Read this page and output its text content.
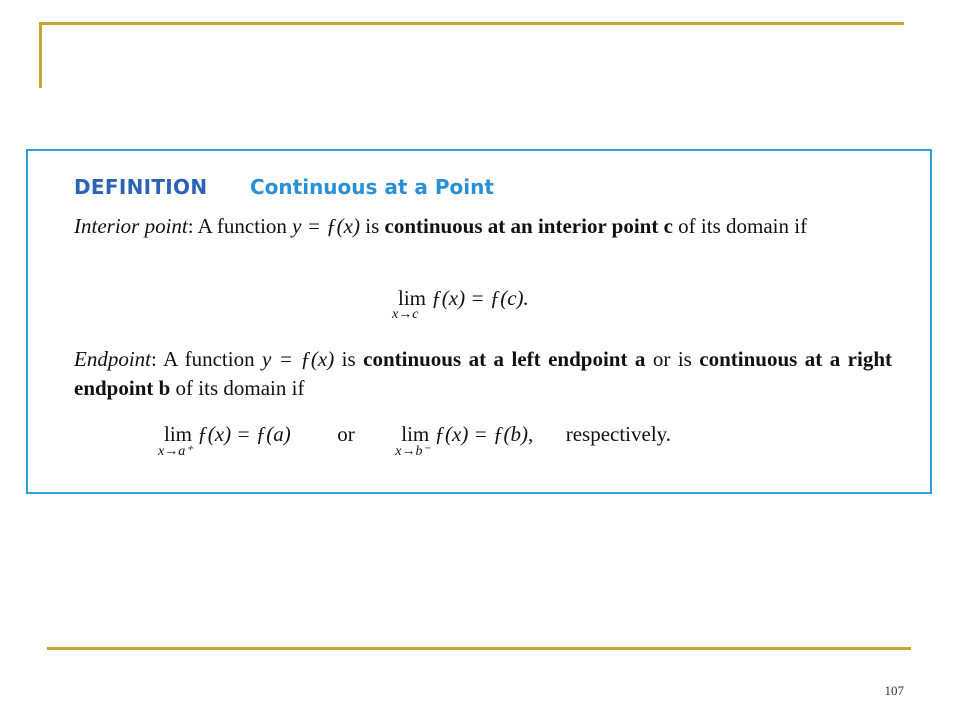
DEFINITION Continuous at a Point
Interior point: A function y = ƒ(x) is continuous at an interior point c of its domain if
lim
x→c
ƒ(x) = ƒ(c).
Endpoint: A function y = ƒ(x) is continuous at a left endpoint a or is continuous at a right endpoint b of its domain if
lim
x→a⁺
ƒ(x) = ƒ(a) or lim
x→b⁻
ƒ(x) = ƒ(b), respectively.
107
